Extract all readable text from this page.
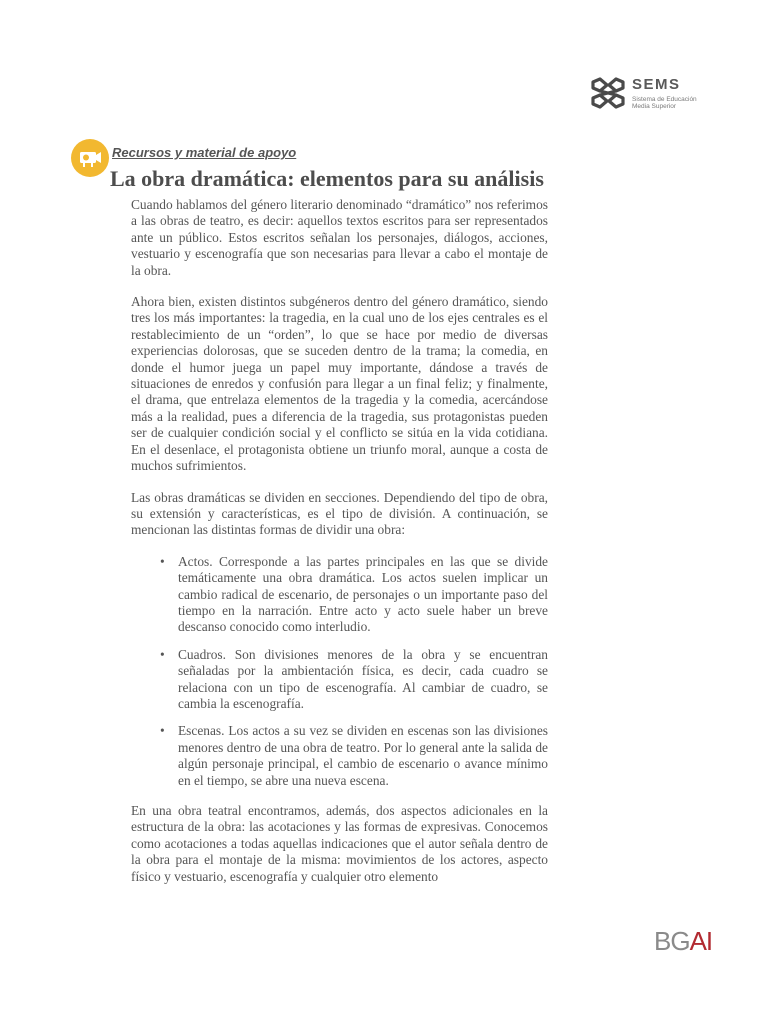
SEMS
Sistema de Educación Media Superior
Recursos y material de apoyo
La obra dramática: elementos para su análisis

Cuando hablamos del género literario denominado “dramático” nos referimos a las obras de teatro, es decir: aquellos textos escritos para ser representados ante un público. Estos escritos señalan los personajes, diálogos, acciones, vestuario y escenografía que son necesarias para llevar a cabo el montaje de la obra.

Ahora bien, existen distintos subgéneros dentro del género dramático, siendo tres los más importantes: la tragedia, en la cual uno de los ejes centrales es el restablecimiento de un “orden”, lo que se hace por medio de diversas experiencias dolorosas, que se suceden dentro de la trama; la comedia, en donde el humor juega un papel muy importante, dándose a través de situaciones de enredos y confusión para llegar a un final feliz; y finalmente, el drama, que entrelaza elementos de la tragedia y la comedia, acercándose más a la realidad, pues a diferencia de la tragedia, sus protagonistas pueden ser de cualquier condición social y el conflicto se sitúa en la vida cotidiana. En el desenlace, el protagonista obtiene un triunfo moral, aunque a costa de muchos sufrimientos.

Las obras dramáticas se dividen en secciones. Dependiendo del tipo de obra, su extensión y características, es el tipo de división. A continuación, se mencionan las distintas formas de dividir una obra:

• Actos. Corresponde a las partes principales en las que se divide temáticamente una obra dramática. Los actos suelen implicar un cambio radical de escenario, de personajes o un importante paso del tiempo en la narración. Entre acto y acto suele haber un breve descanso conocido como interludio.
• Cuadros. Son divisiones menores de la obra y se encuentran señaladas por la ambientación física, es decir, cada cuadro se relaciona con un tipo de escenografía. Al cambiar de cuadro, se cambia la escenografía.
• Escenas. Los actos a su vez se dividen en escenas son las divisiones menores dentro de una obra de teatro. Por lo general ante la salida de algún personaje principal, el cambio de escenario o avance mínimo en el tiempo, se abre una nueva escena.

En una obra teatral encontramos, además, dos aspectos adicionales en la estructura de la obra: las acotaciones y las formas de expresivas. Conocemos como acotaciones a todas aquellas indicaciones que el autor señala dentro de la obra para el montaje de la misma: movimientos de los actores, aspecto físico y vestuario, escenografía y cualquier otro elemento

BGAI
